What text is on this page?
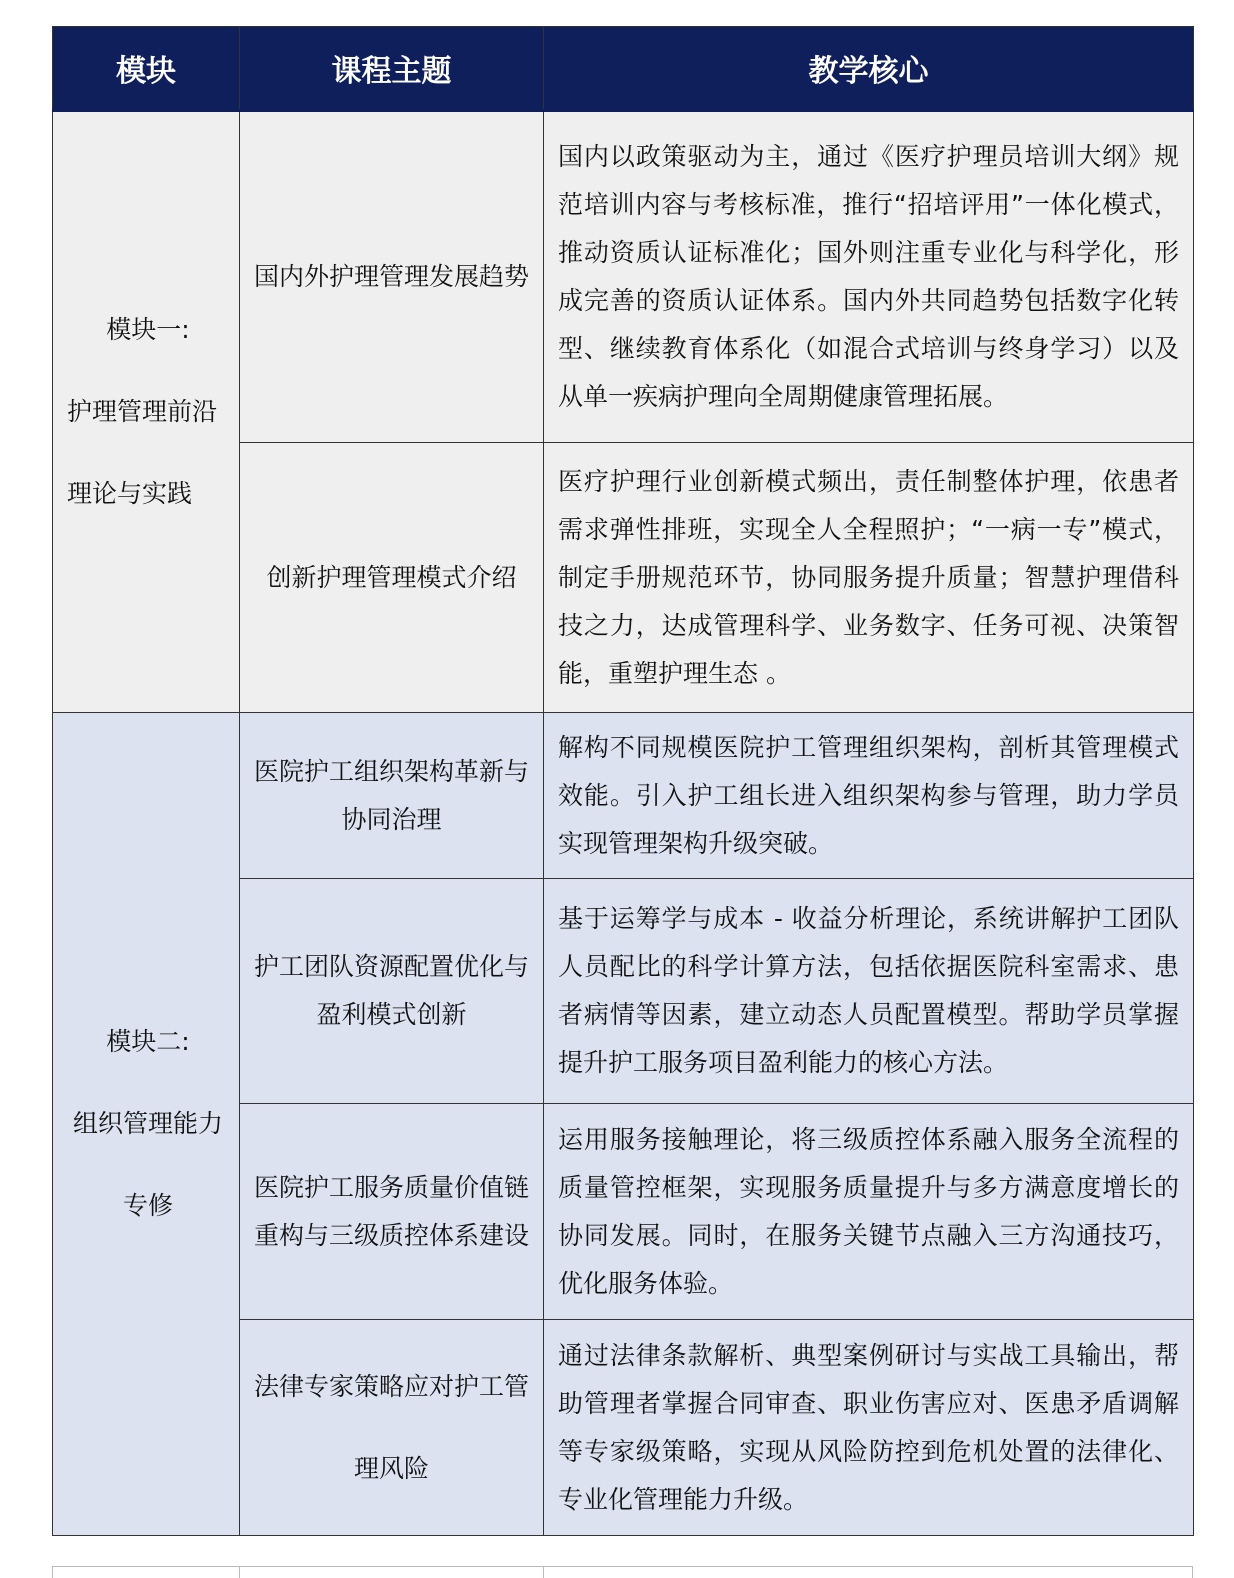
模块	课程主题	教学核心

模块一:
护理管理前沿
理论与实践	国内外护理管理发展趋势	国内以政策驱动为主，通过《医疗护理员培训大纲》规范培训内容与考核标准，推行“招培评用”一体化模式，推动资质认证标准化；国外则注重专业化与科学化，形成完善的资质认证体系。国内外共同趋势包括数字化转型、继续教育体系化（如混合式培训与终身学习）以及从单一疾病护理向全周期健康管理拓展。
	创新护理管理模式介绍	医疗护理行业创新模式频出，责任制整体护理，依患者需求弹性排班，实现全人全程照护；“一病一专”模式，制定手册规范环节，协同服务提升质量；智慧护理借科技之力，达成管理科学、业务数字、任务可视、决策智能，重塑护理生态 。

模块二:
组织管理能力
专修	医院护工组织架构革新与协同治理	解构不同规模医院护工管理组织架构，剖析其管理模式效能。引入护工组长进入组织架构参与管理，助力学员实现管理架构升级突破。
	护工团队资源配置优化与盈利模式创新	基于运筹学与成本 - 收益分析理论，系统讲解护工团队人员配比的科学计算方法，包括依据医院科室需求、患者病情等因素，建立动态人员配置模型。帮助学员掌握提升护工服务项目盈利能力的核心方法。
	医院护工服务质量价值链重构与三级质控体系建设	运用服务接触理论，将三级质控体系融入服务全流程的质量管控框架，实现服务质量提升与多方满意度增长的协同发展。同时，在服务关键节点融入三方沟通技巧，优化服务体验。
	法律专家策略应对护工管理风险	通过法律条款解析、典型案例研讨与实战工具输出，帮助管理者掌握合同审查、职业伤害应对、医患矛盾调解等专家级策略，实现从风险防控到危机处置的法律化、专业化管理能力升级。
